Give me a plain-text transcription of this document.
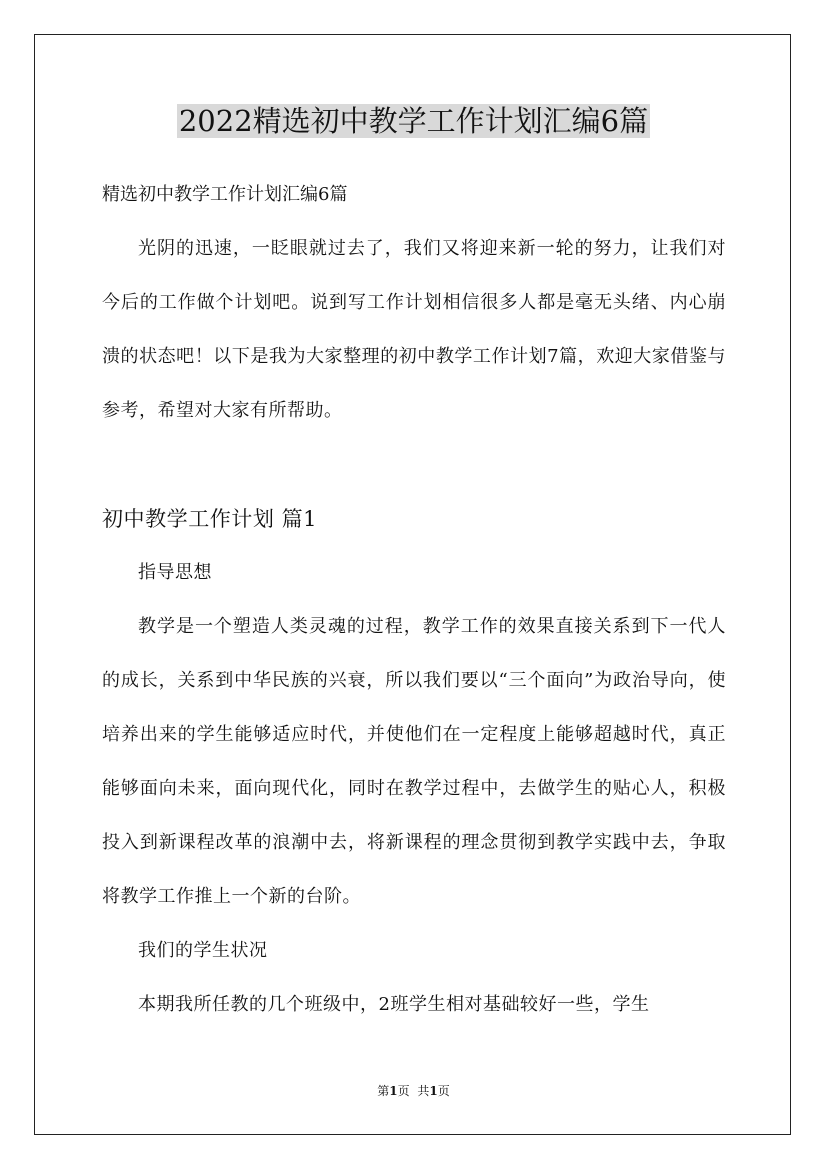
2022精选初中教学工作计划汇编6篇
精选初中教学工作计划汇编6篇

光阴的迅速，一眨眼就过去了，我们又将迎来新一轮的努力，让我们对今后的工作做个计划吧。说到写工作计划相信很多人都是毫无头绪、内心崩溃的状态吧！以下是我为大家整理的初中教学工作计划7篇，欢迎大家借鉴与参考，希望对大家有所帮助。

初中教学工作计划 篇1

指导思想

教学是一个塑造人类灵魂的过程，教学工作的效果直接关系到下一代人的成长，关系到中华民族的兴衰，所以我们要以“三个面向”为政治导向，使培养出来的学生能够适应时代，并使他们在一定程度上能够超越时代，真正能够面向未来，面向现代化，同时在教学过程中，去做学生的贴心人，积极投入到新课程改革的浪潮中去，将新课程的理念贯彻到教学实践中去，争取将教学工作推上一个新的台阶。

我们的学生状况

本期我所任教的几个班级中，2班学生相对基础较好一些，学生

第1页 共1页
